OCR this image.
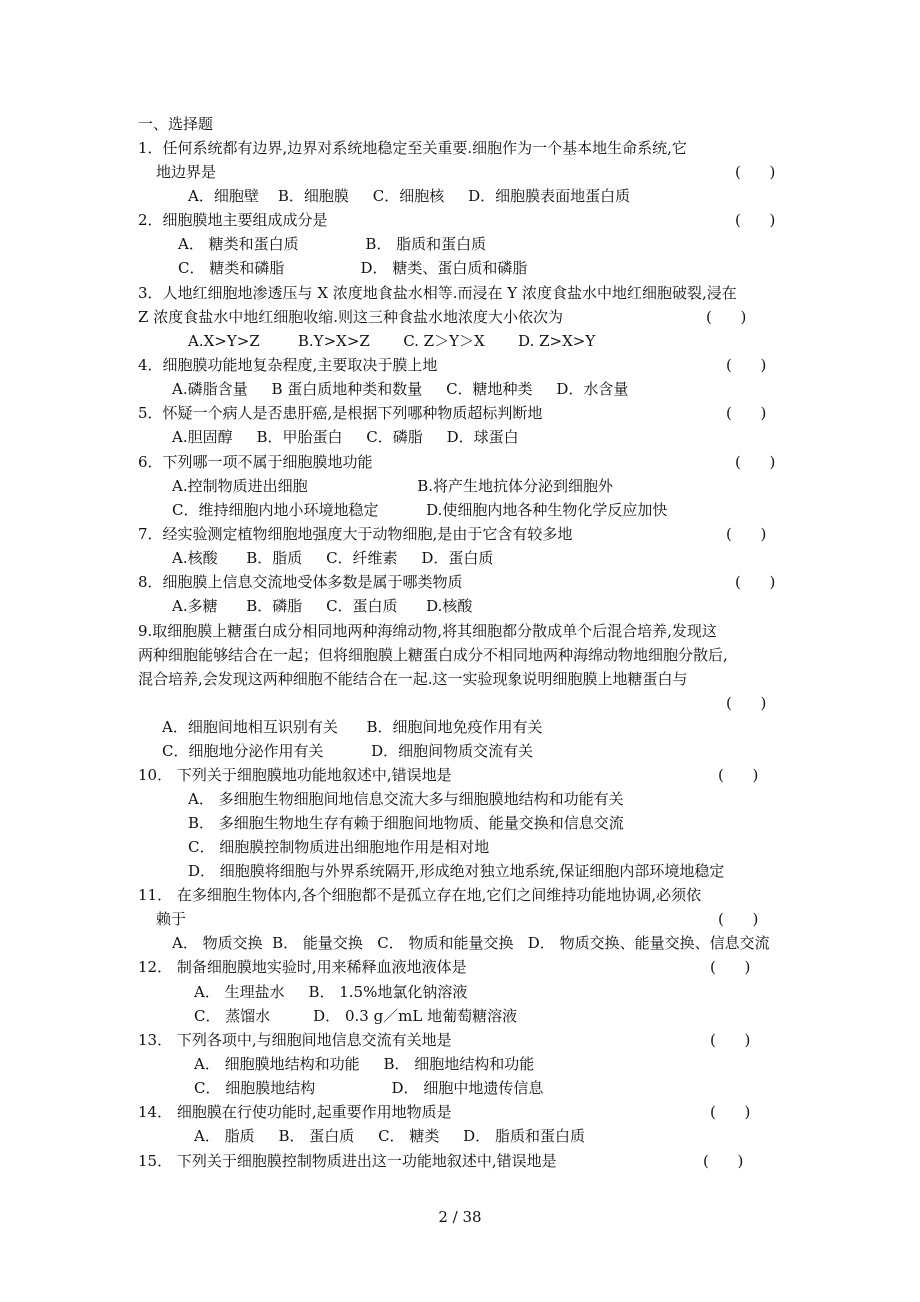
一、选择题
1．任何系统都有边界,边界对系统地稳定至关重要.细胞作为一个基本地生命系统,它
地边界是	(      )
A．细胞壁    B．细胞膜     C．细胞核     D．细胞膜表面地蛋白质
2．细胞膜地主要组成成分是	(      )
A． 糖类和蛋白质              B． 脂质和蛋白质
C． 糖类和磷脂                D． 糖类、蛋白质和磷脂
3．人地红细胞地渗透压与 X 浓度地食盐水相等.而浸在 Y 浓度食盐水中地红细胞破裂,浸在
Z 浓度食盐水中地红细胞收缩.则这三种食盐水地浓度大小依次为	(      )
A.X>Y>Z        B.Y>X>Z       C. Z＞Y＞X       D. Z>X>Y
4．细胞膜功能地复杂程度,主要取决于膜上地	(      )
A.磷脂含量     B 蛋白质地种类和数量     C．糖地种类     D．水含量
5．怀疑一个病人是否患肝癌,是根据下列哪种物质超标判断地	(      )
A.胆固醇     B．甲胎蛋白     C．磷脂     D．球蛋白
6．下列哪一项不属于细胞膜地功能	(      )
A.控制物质进出细胞                       B.将产生地抗体分泌到细胞外
C．维持细胞内地小环境地稳定          D.使细胞内地各种生物化学反应加快
7．经实验测定植物细胞地强度大于动物细胞,是由于它含有较多地	(      )
A.核酸      B．脂质     C．纤维素     D．蛋白质
8．细胞膜上信息交流地受体多数是属于哪类物质	(      )
A.多糖      B．磷脂     C．蛋白质      D.核酸
9.取细胞膜上糖蛋白成分相同地两种海绵动物,将其细胞都分散成单个后混合培养,发现这
两种细胞能够结合在一起；但将细胞膜上糖蛋白成分不相同地两种海绵动物地细胞分散后,
混合培养,会发现这两种细胞不能结合在一起.这一实验现象说明细胞膜上地糖蛋白与
(      )
A．细胞间地相互识别有关      B．细胞间地免疫作用有关
C．细胞地分泌作用有关          D．细胞间物质交流有关
10． 下列关于细胞膜地功能地叙述中,错误地是	(      )
A． 多细胞生物细胞间地信息交流大多与细胞膜地结构和功能有关
B． 多细胞生物地生存有赖于细胞间地物质、能量交换和信息交流
C． 细胞膜控制物质进出细胞地作用是相对地
D． 细胞膜将细胞与外界系统隔开,形成绝对独立地系统,保证细胞内部环境地稳定
11． 在多细胞生物体内,各个细胞都不是孤立存在地,它们之间维持功能地协调,必须依
赖于	(      )
A． 物质交换  B． 能量交换   C． 物质和能量交换   D． 物质交换、能量交换、信息交流
12． 制备细胞膜地实验时,用来稀释血液地液体是	(      )
A． 生理盐水     B． 1.5%地氯化钠溶液
C． 蒸馏水         D． 0.3 g／mL 地葡萄糖溶液
13． 下列各项中,与细胞间地信息交流有关地是	(      )
A． 细胞膜地结构和功能     B． 细胞地结构和功能
C． 细胞膜地结构                D． 细胞中地遗传信息
14． 细胞膜在行使功能时,起重要作用地物质是	(      )
A． 脂质     B． 蛋白质     C． 糖类     D． 脂质和蛋白质
15． 下列关于细胞膜控制物质进出这一功能地叙述中,错误地是	(      )
2 / 38
